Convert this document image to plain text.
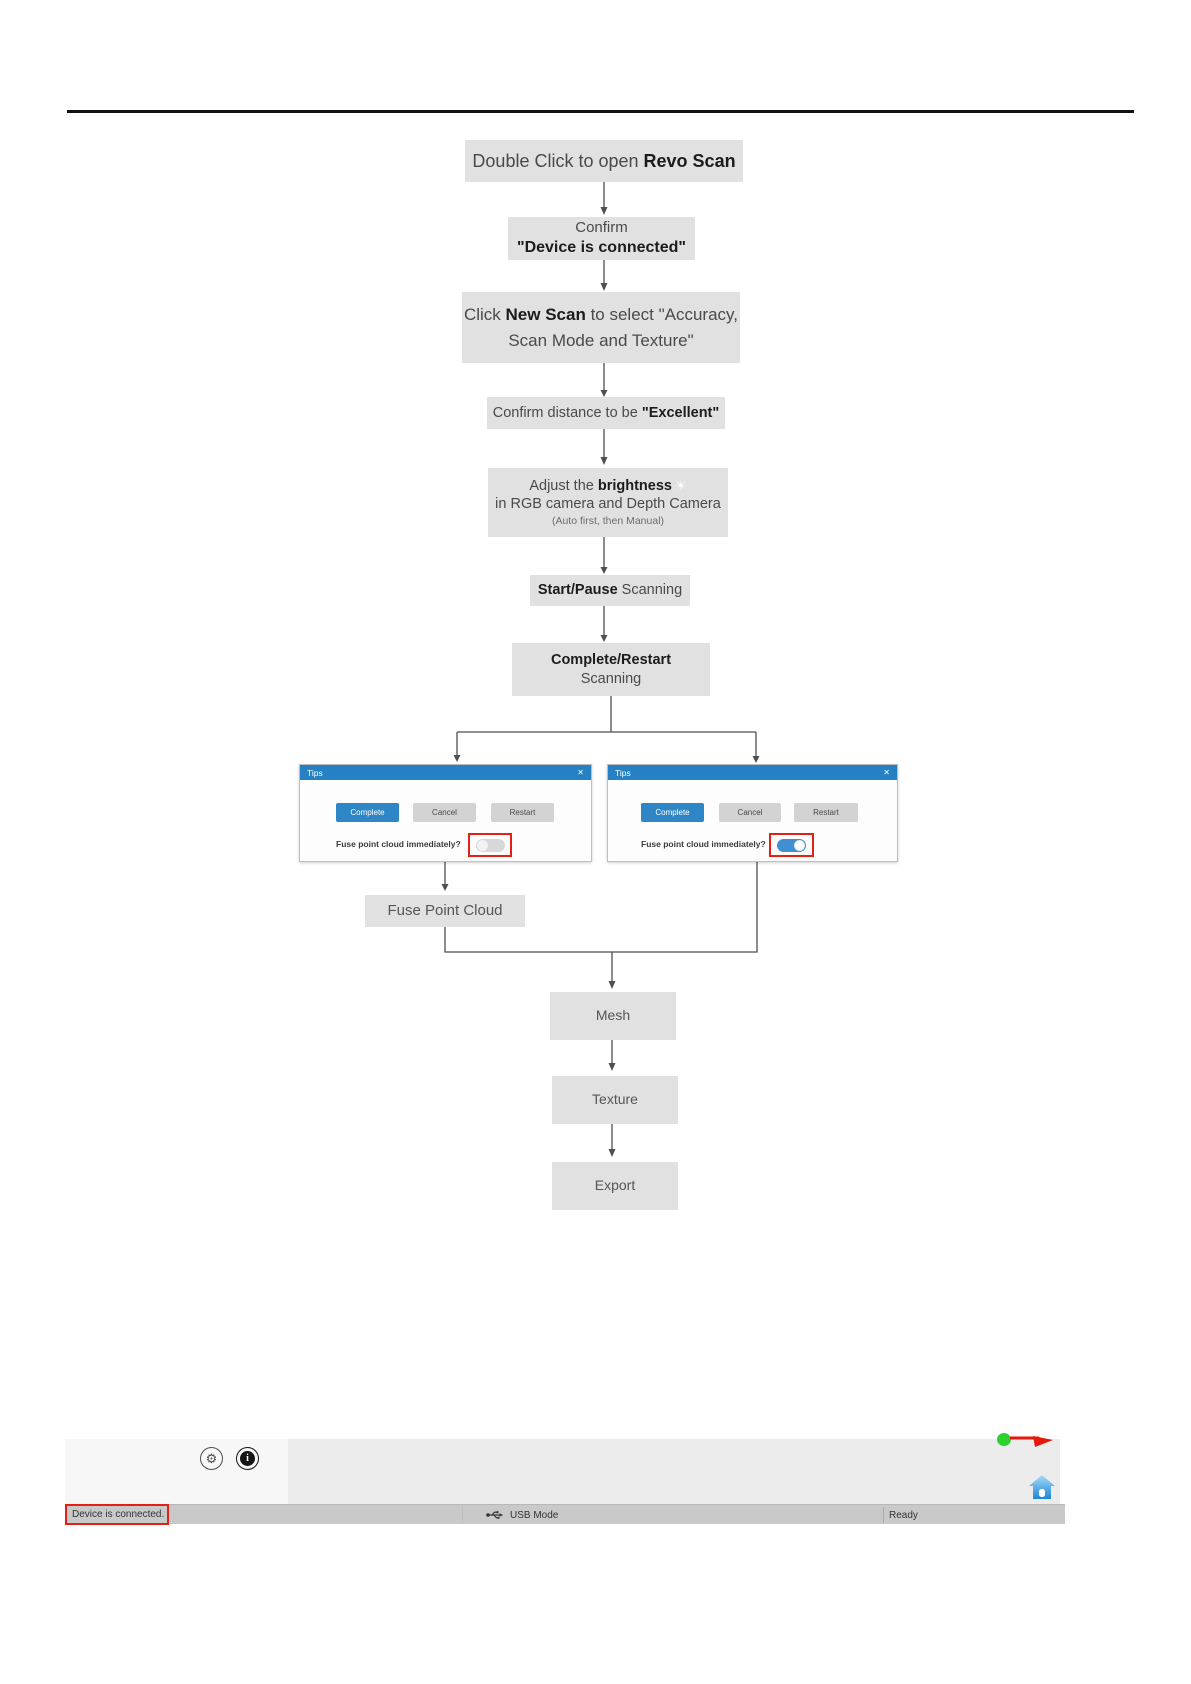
Double Click to open Revo Scan
Confirm
"Device is connected"
Click New Scan to select "Accuracy,
Scan Mode and Texture"
Confirm distance to be "Excellent"
Adjust the brightness ☀
in RGB camera and Depth Camera
(Auto first, then Manual)
Start/Pause Scanning
Complete/Restart
Scanning
Tips	✕
Complete	Cancel	Restart
Fuse point cloud immediately?
Tips	✕
Complete	Cancel	Restart
Fuse point cloud immediately?
Fuse Point Cloud
Mesh
Texture
Export
⚙	i
Device is connected.	USB Mode	Ready
